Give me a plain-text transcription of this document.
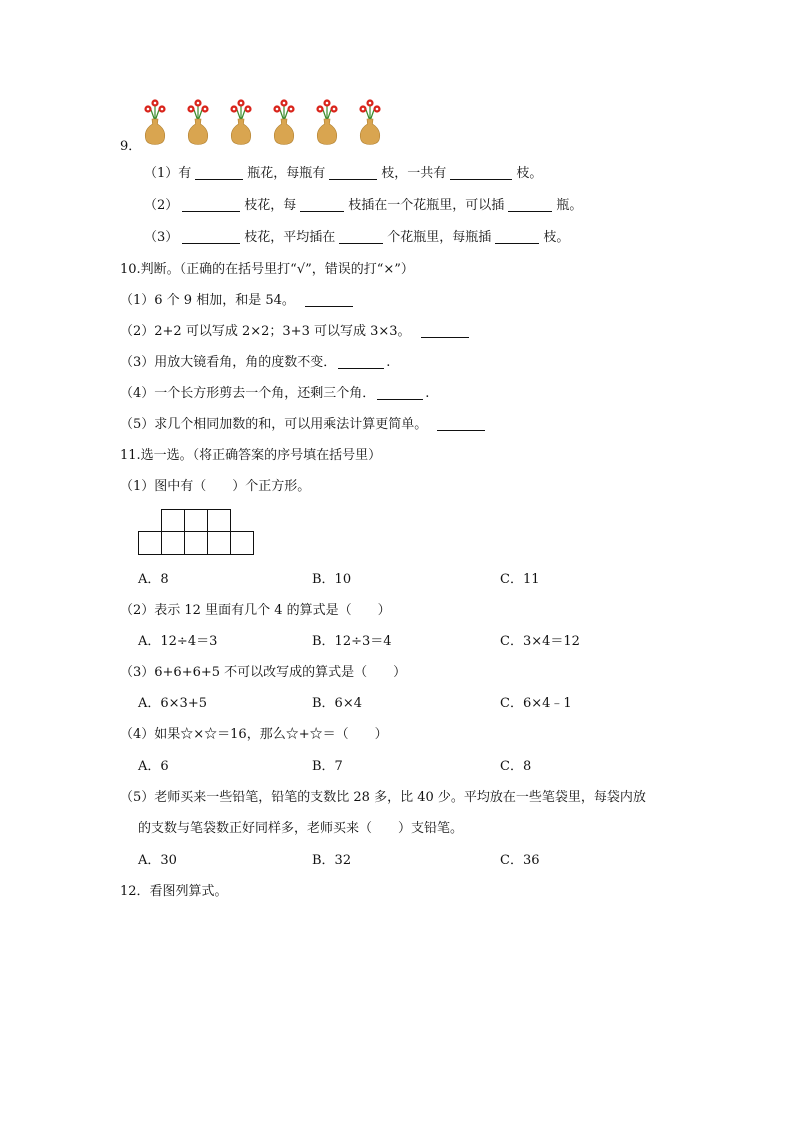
9．
（1）有	瓶花，每瓶有	枝，一共有	枝。
（2）	枝花，每	枝插在一个花瓶里，可以插	瓶。
（3）	枝花，平均插在	个花瓶里，每瓶插	枝。
10.判断。（正确的在括号里打“√”，错误的打“×”）
（1）6 个 9 相加，和是 54。
（2）2+2 可以写成 2×2；3+3 可以写成 3×3。
（3）用放大镜看角，角的度数不变．	.
（4）一个长方形剪去一个角，还剩三个角．	.
（5）求几个相同加数的和，可以用乘法计算更简单。
11.选一选。（将正确答案的序号填在括号里）
（1）图中有（　　）个正方形。
A．8	B．10	C．11
（2）表示 12 里面有几个 4 的算式是（　　）
A．12÷4＝3	B．12÷3＝4	C．3×4＝12
（3）6+6+6+5 不可以改写成的算式是（　　）
A．6×3+5	B．6×4	C．6×4﹣1
（4）如果☆×☆＝16，那么☆+☆＝（　　）
A．6	B．7	C．8
（5）老师买来一些铅笔，铅笔的支数比 28 多，比 40 少。平均放在一些笔袋里，每袋内放
的支数与笔袋数正好同样多，老师买来（　　）支铅笔。
A．30	B．32	C．36
12．看图列算式。
